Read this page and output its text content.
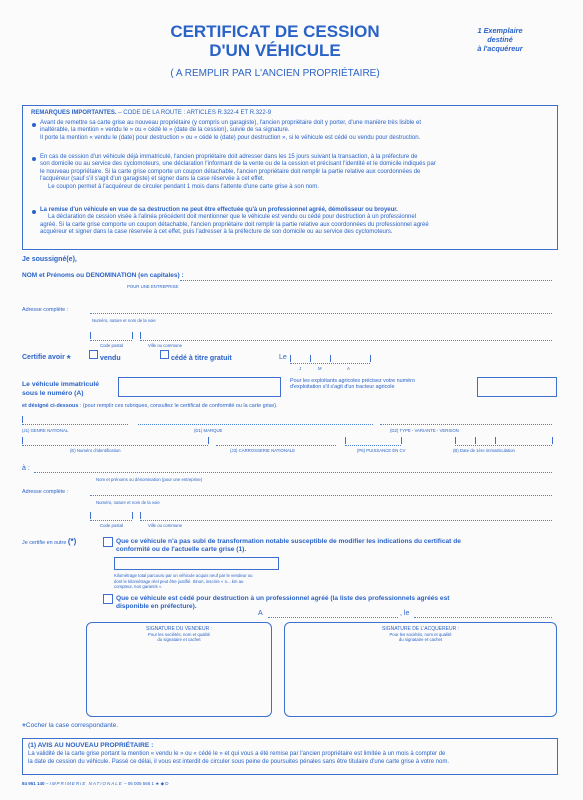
CERTIFICAT DE CESSION
D'UN VÉHICULE
( A REMPLIR PAR L'ANCIEN PROPRIÉTAIRE)
1 Exemplaire
destiné
à l'acquéreur
REMARQUES IMPORTANTES. – CODE DE LA ROUTE : ARTICLES R.322-4 ET R.322-9
Avant de remettre sa carte grise au nouveau propriétaire (y compris un garagiste), l'ancien propriétaire doit y porter, d'une manière très lisible et
inaltérable, la mention « vendu le » ou « cédé le » (date de la cession), suivie de sa signature.
Il porte la mention « vendu le (date) pour destruction » ou « cédé le (date) pour destruction », si le véhicule est cédé ou vendu pour destruction.
En cas de cession d'un véhicule déjà immatriculé, l'ancien propriétaire doit adresser dans les 15 jours suivant la transaction, à la préfecture de
son domicile ou au service des cyclomoteurs, une déclaration l'informant de la vente ou de la cession et précisant l'identité et le domicile indiqués par
le nouveau propriétaire. Si la carte grise comporte un coupon détachable, l'ancien propriétaire doit remplir la partie relative aux coordonnées de
l'acquéreur (sauf s'il s'agit d'un garagiste) et signer dans la case réservée à cet effet.
Le coupon permet à l'acquéreur de circuler pendant 1 mois dans l'attente d'une carte grise à son nom.
La remise d'un véhicule en vue de sa destruction ne peut être effectuée qu'à un professionnel agréé, démolisseur ou broyeur.
La déclaration de cession visée à l'alinéa précédent doit mentionner que le véhicule est vendu ou cédé pour destruction à un professionnel
agréé. Si la carte grise comporte un coupon détachable, l'ancien propriétaire doit remplir la partie relative aux coordonnées du professionnel agréé
acquéreur et signer dans la case réservée à cet effet, puis l'adresser à la préfecture de son domicile ou au service des cyclomoteurs.
Je soussigné(e),
NOM et Prénoms ou DENOMINATION (en capitales) :
POUR UNE ENTREPRISE
Adresse complète :
Numéro, nature et nom de la voie
Code postal	Ville ou commune
Certifie avoir *	vendu	cédé à titre gratuit	Le
J	M	A
Le véhicule immatriculé
sous le numéro (A)
Pour les exploitants agricoles précisez votre numéro
d'exploitation s'il s'agit d'un tracteur agricole
et désigné ci-dessous : (pour remplir ces rubriques, consultez le certificat de conformité ou la carte grise).
(J1) GENRE NATIONAL	(D1) MARQUE	(D2) TYPE - VARIANTE - VERSION
(E) Numéro d'identification	(J3) CARROSSERIE NATIONALE	(P6) PUISSANCE EN CV	(B) Date de 1ère immatriculation
à :
Nom et prénoms ou dénomination (pour une entreprise)
Adresse complète :
Numéro, nature et nom de la voie
Code postal	Ville ou commune
Je certifie en outre (*)	Que ce véhicule n'a pas subi de transformation notable susceptible de modifier les indications du certificat de
conformité ou de l'actuelle carte grise (1).
Kilométrage total parcouru par un véhicule acquis neuf par le vendeur ou
dont le kilométrage réel peut être justifié. Sinon, inscrire « n... km au
compteur, non garantis ».
Que ce véhicule est cédé pour destruction à un professionnel agréé (la liste des professionnels agréés est
disponible en préfecture).
A	, le
SIGNATURE DU VENDEUR :
Pour les sociétés, nom et qualité
du signataire et cachet
SIGNATURE DE L'ACQUEREUR :
Pour les sociétés, nom et qualité
du signataire et cachet
*Cocher la case correspondante.
(1) AVIS AU NOUVEAU PROPRIÉTAIRE :
La validité de la carte grise portant la mention « vendu le » ou « cédé le » et qui vous a été remise par l'ancien propriétaire est limitée à un mois à compter de
la date de cession du véhicule. Passé ce délai, il vous est interdit de circuler sous peine de poursuites pénales sans être titulaire d'une carte grise à votre nom.
84 951 140 – IMPRIMERIE NATIONALE – 06 005 566 1 ★ ◆ D
